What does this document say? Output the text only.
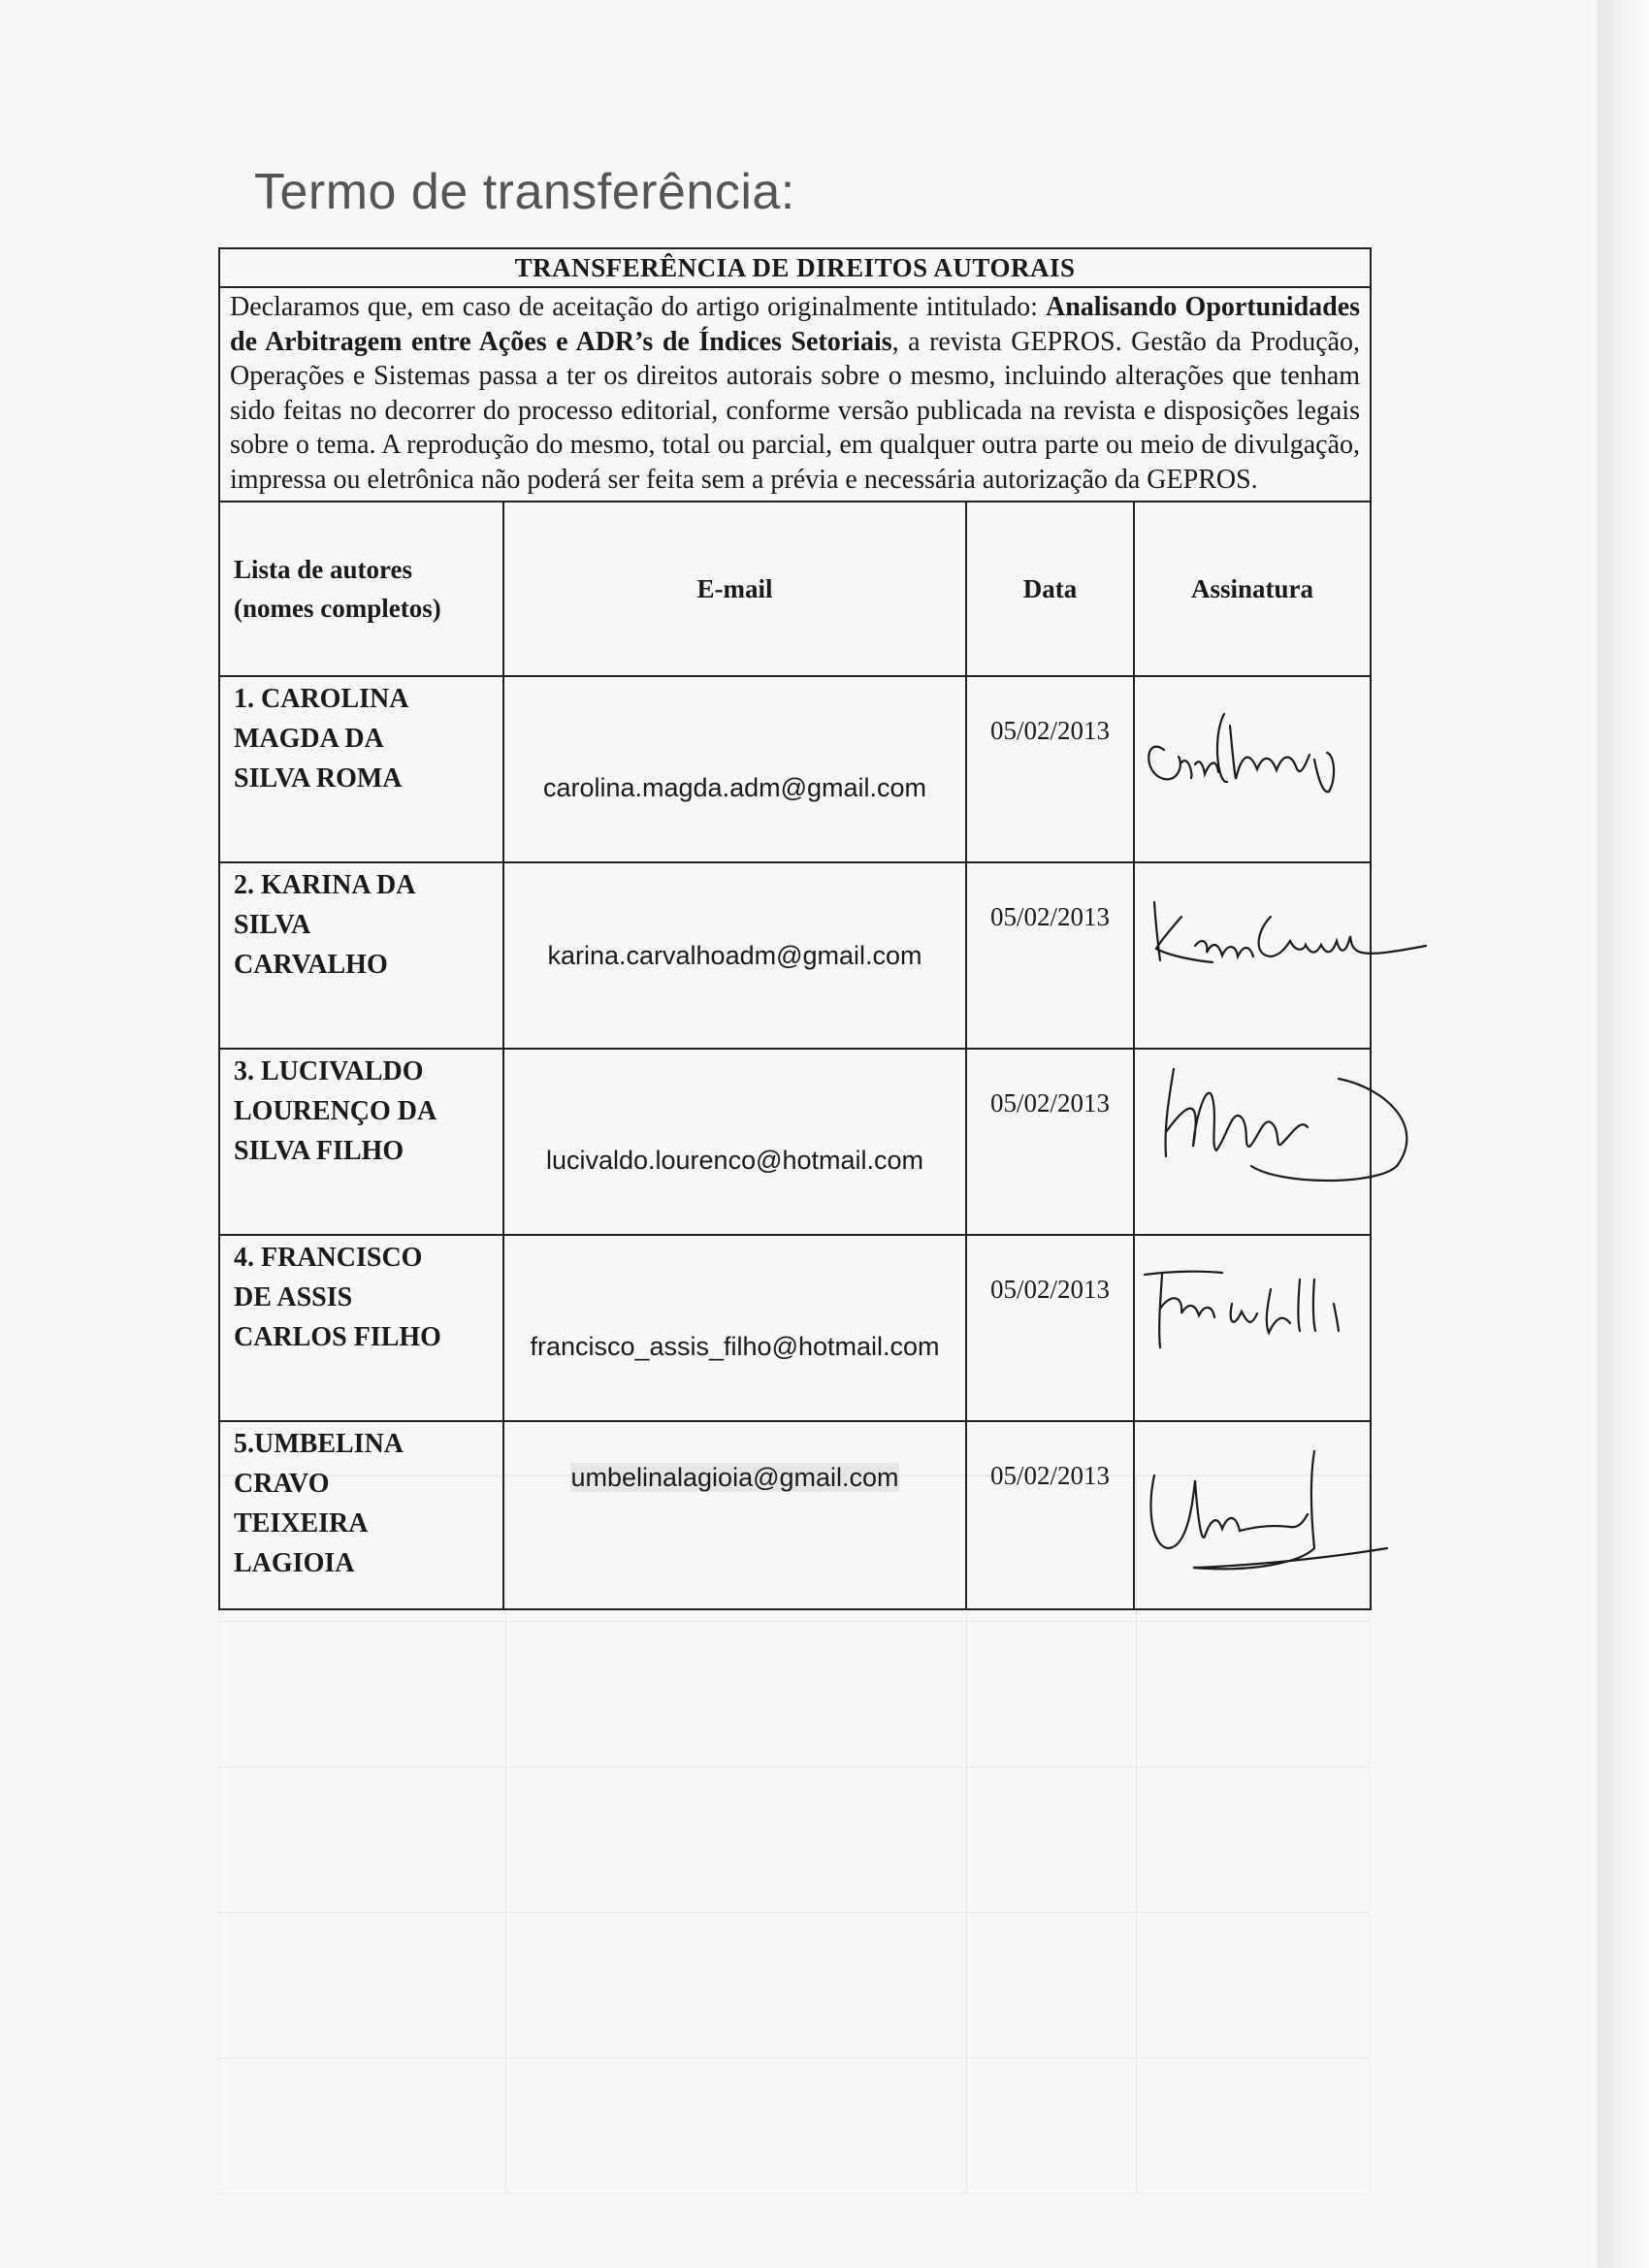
Termo de transferência:
TRANSFERÊNCIA DE DIREITOS AUTORAIS			
Declaramos que, em caso de aceitação do artigo originalmente intitulado: Analisando Oportunidades de Arbitragem entre Ações e ADR’s de Índices Setoriais, a revista GEPROS. Gestão da Produção, Operações e Sistemas passa a ter os direitos autorais sobre o mesmo, incluindo alterações que tenham sido feitas no decorrer do processo editorial, conforme versão publicada na revista e disposições legais sobre o tema. A reprodução do mesmo, total ou parcial, em qualquer outra parte ou meio de divulgação, impressa ou eletrônica não poderá ser feita sem a prévia e necessária autorização da GEPROS.			
Lista de autores
(nomes completos)	E-mail	Data	Assinatura
1. CAROLINA
MAGDA DA
SILVA ROMA	carolina.magda.adm@gmail.com	05/02/2013	

2. KARINA DA
SILVA
CARVALHO	karina.carvalhoadm@gmail.com	05/02/2013	

3. LUCIVALDO
LOURENÇO DA
SILVA FILHO	lucivaldo.lourenco@hotmail.com	05/02/2013	

4. FRANCISCO
DE ASSIS
CARLOS FILHO	francisco_assis_filho@hotmail.com	05/02/2013	

5.UMBELINA
CRAVO
TEIXEIRA
LAGIOIA	umbelinalagioia@gmail.com	05/02/2013	
